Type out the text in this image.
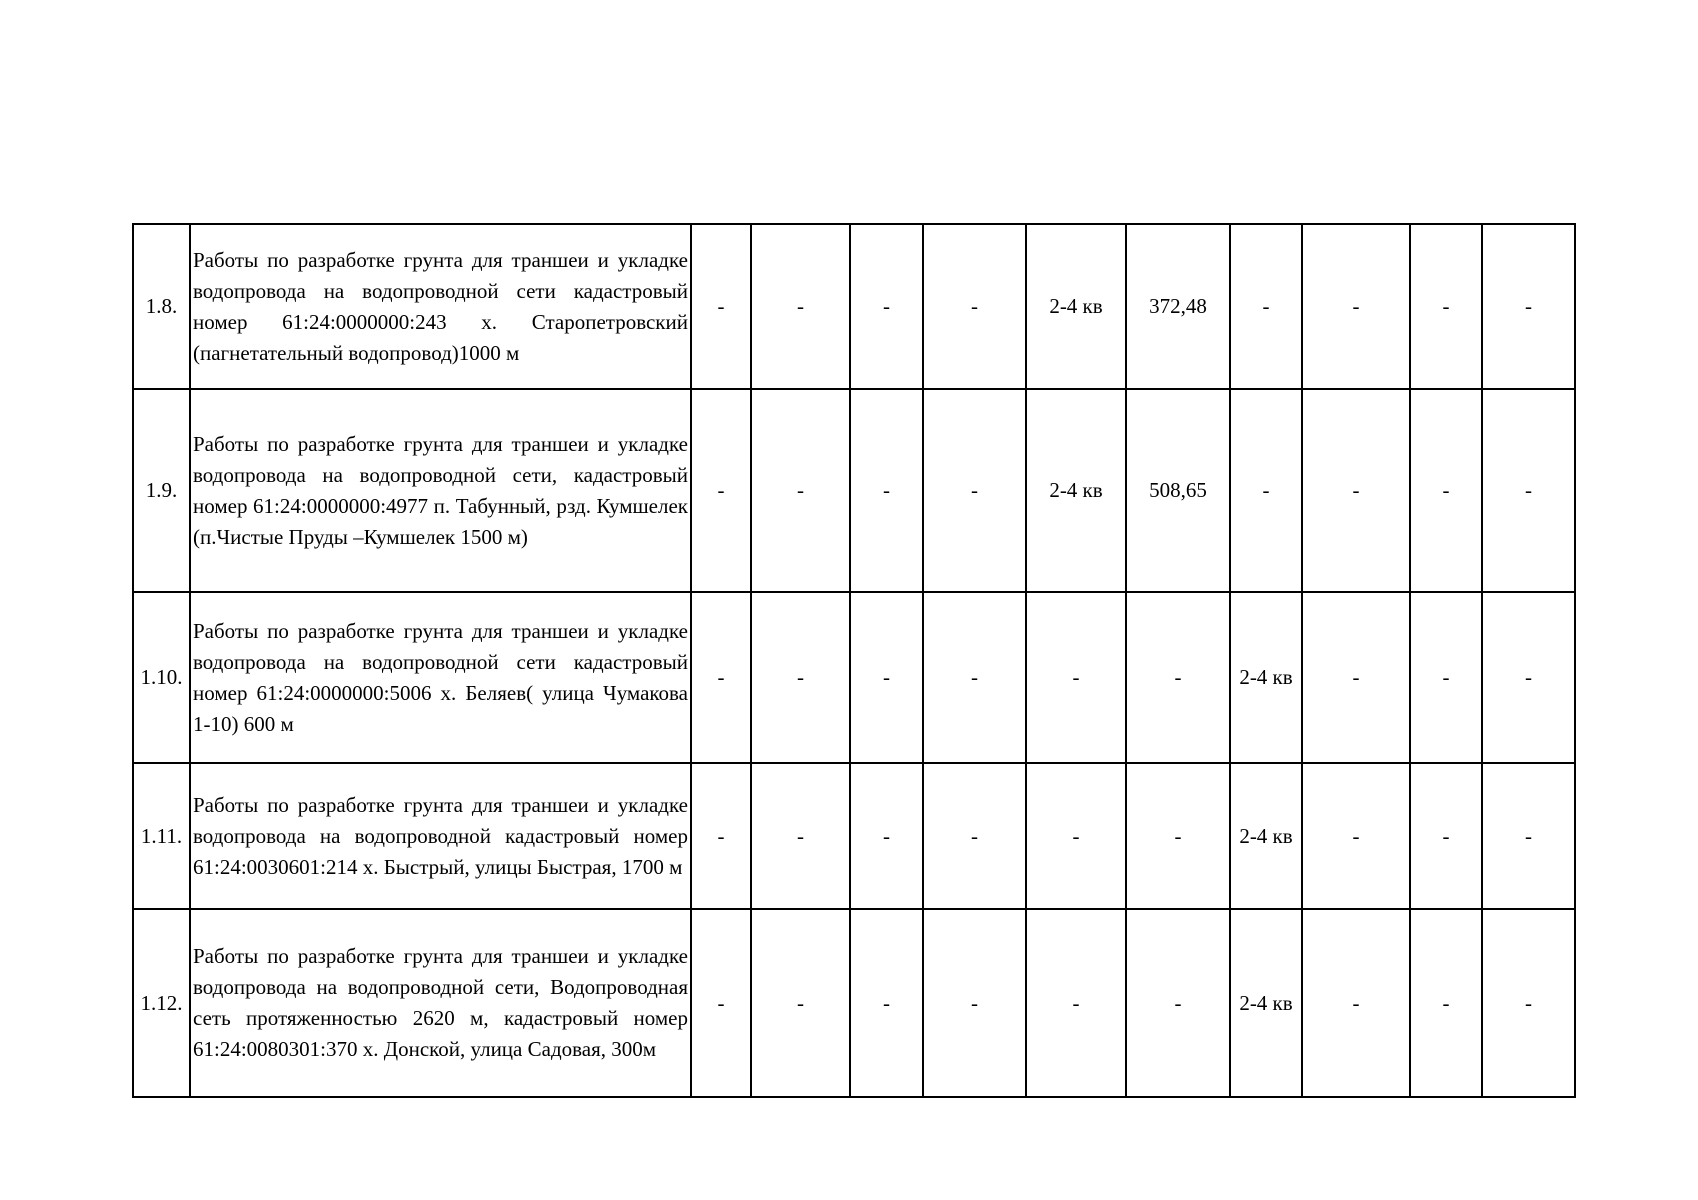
1.8.	Работы по разработке грунта для траншеи и укладке водопровода на водопроводной сети кадастровый номер 61:24:0000000:243 х. Старопетровский (пагнетательный водопровод)1000 м	-	-	-	-	2-4 кв	372,48	-	-	-	-
1.9.	Работы по разработке грунта для траншеи и укладке водопровода на водопроводной сети, кадастровый номер 61:24:0000000:4977 п. Табунный, рзд. Кумшелек (п.Чистые Пруды –Кумшелек 1500 м)	-	-	-	-	2-4 кв	508,65	-	-	-	-
1.10.	Работы по разработке грунта для траншеи и укладке водопровода на водопроводной сети кадастровый номер 61:24:0000000:5006 х. Беляев( улица Чумакова 1-10) 600 м	-	-	-	-	-	-	2-4 кв	-	-	-
1.11.	Работы по разработке грунта для траншеи и укладке водопровода на водопроводной кадастровый номер 61:24:0030601:214 х. Быстрый, улицы Быстрая, 1700 м	-	-	-	-	-	-	2-4 кв	-	-	-
1.12.	Работы по разработке грунта для траншеи и укладке водопровода на водопроводной сети, Водопроводная сеть протяженностью 2620 м, кадастровый номер 61:24:0080301:370 х. Донской, улица Садовая, 300м	-	-	-	-	-	-	2-4 кв	-	-	-
